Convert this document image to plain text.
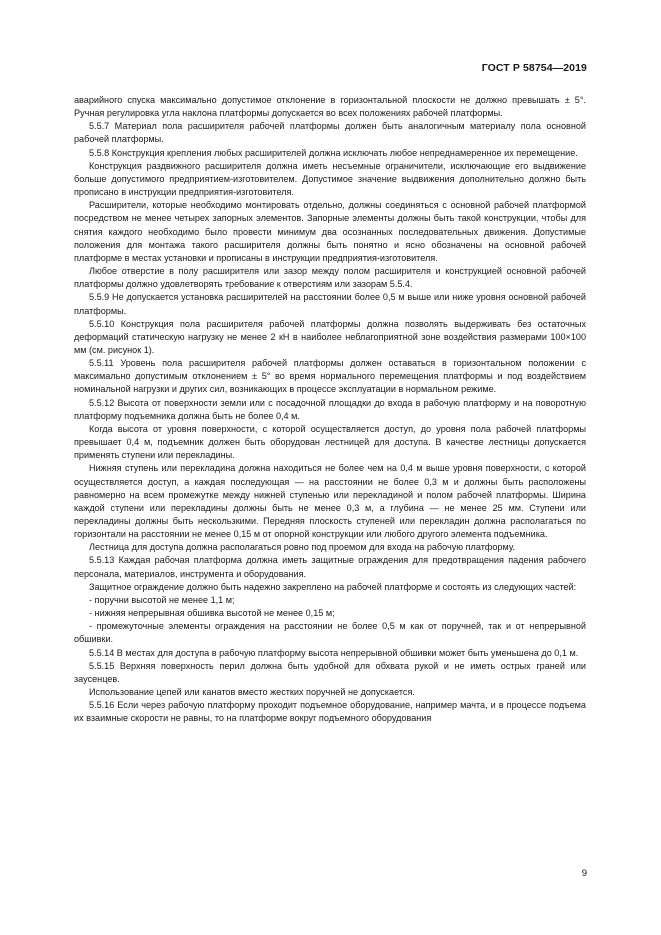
ГОСТ Р 58754—2019

аварийного спуска максимально допустимое отклонение в горизонтальной плоскости не должно превышать ± 5°. Ручная регулировка угла наклона платформы допускается во всех положениях рабочей платформы.

5.5.7 Материал пола расширителя рабочей платформы должен быть аналогичным материалу пола основной рабочей платформы.

5.5.8 Конструкция крепления любых расширителей должна исключать любое непреднамеренное их перемещение.

Конструкция раздвижного расширителя должна иметь несъемные ограничители, исключающие его выдвижение больше допустимого предприятием-изготовителем. Допустимое значение выдвижения дополнительно должно быть прописано в инструкции предприятия-изготовителя.

Расширители, которые необходимо монтировать отдельно, должны соединяться с основной рабочей платформой посредством не менее четырех запорных элементов. Запорные элементы должны быть такой конструкции, чтобы для снятия каждого необходимо было провести минимум два осознанных последовательных движения. Допустимые положения для монтажа такого расширителя должны быть понятно и ясно обозначены на основной рабочей платформе в местах установки и прописаны в инструкции предприятия-изготовителя.

Любое отверстие в полу расширителя или зазор между полом расширителя и конструкцией основной рабочей платформы должно удовлетворять требование к отверстиям или зазорам 5.5.4.

5.5.9 Не допускается установка расширителей на расстоянии более 0,5 м выше или ниже уровня основной рабочей платформы.

5.5.10 Конструкция пола расширителя рабочей платформы должна позволять выдерживать без остаточных деформаций статическую нагрузку не менее 2 кН в наиболее неблагоприятной зоне воздействия размерами 100×100 мм (см. рисунок 1).

5.5.11 Уровень пола расширителя рабочей платформы должен оставаться в горизонтальном положении с максимально допустимым отклонением ± 5° во время нормального перемещения платформы и под воздействием номинальной нагрузки и других сил, возникающих в процессе эксплуатации в нормальном режиме.

5.5.12 Высота от поверхности земли или с посадочной площадки до входа в рабочую платформу и на поворотную платформу подъемника должна быть не более 0,4 м.

Когда высота от уровня поверхности, с которой осуществляется доступ, до уровня пола рабочей платформы превышает 0,4 м, подъемник должен быть оборудован лестницей для доступа. В качестве лестницы допускается применять ступени или перекладины.

Нижняя ступень или перекладина должна находиться не более чем на 0,4 м выше уровня поверхности, с которой осуществляется доступ, а каждая последующая — на расстоянии не более 0,3 м и должны быть расположены равномерно на всем промежутке между нижней ступенью или перекладиной и полом рабочей платформы. Ширина каждой ступени или перекладины должны быть не менее 0,3 м, а глубина — не менее 25 мм. Ступени или перекладины должны быть нескользкими. Передняя плоскость ступеней или перекладин должна располагаться по горизонтали на расстоянии не менее 0,15 м от опорной конструкции или любого другого элемента подъемника.

Лестница для доступа должна располагаться ровно под проемом для входа на рабочую платформу.

5.5.13 Каждая рабочая платформа должна иметь защитные ограждения для предотвращения падения рабочего персонала, материалов, инструмента и оборудования.

Защитное ограждение должно быть надежно закреплено на рабочей платформе и состоять из следующих частей:

- поручни высотой не менее 1,1 м;

- нижняя непрерывная обшивка высотой не менее 0,15 м;

- промежуточные элементы ограждения на расстоянии не более 0,5 м как от поручней, так и от непрерывной обшивки.

5.5.14 В местах для доступа в рабочую платформу высота непрерывной обшивки может быть уменьшена до 0,1 м.

5.5.15 Верхняя поверхность перил должна быть удобной для обхвата рукой и не иметь острых граней или заусенцев.

Использование цепей или канатов вместо жестких поручней не допускается.

5.5.16 Если через рабочую платформу проходит подъемное оборудование, например мачта, и в процессе подъема их взаимные скорости не равны, то на платформе вокруг подъемного оборудования

9
